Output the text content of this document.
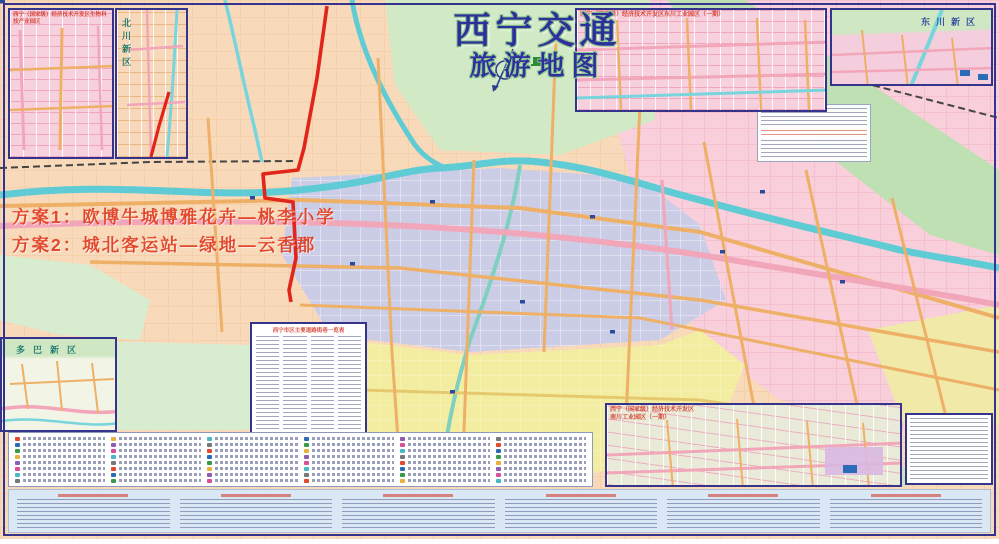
西宁交通
旅游地图
方案1：欧博牛城博雅花卉—桃李小学
方案2：城北客运站—绿地—云香郡
西宁（国家级）经济技术开发区生物科技产业园区	北川新区
西宁（国家级）经济技术开发区东川工业园区（一期）
东川新区
西宁市区主要道路街巷一览表
多巴新区
西宁（国家级）经济技术开发区
南川工业园区（一期）
